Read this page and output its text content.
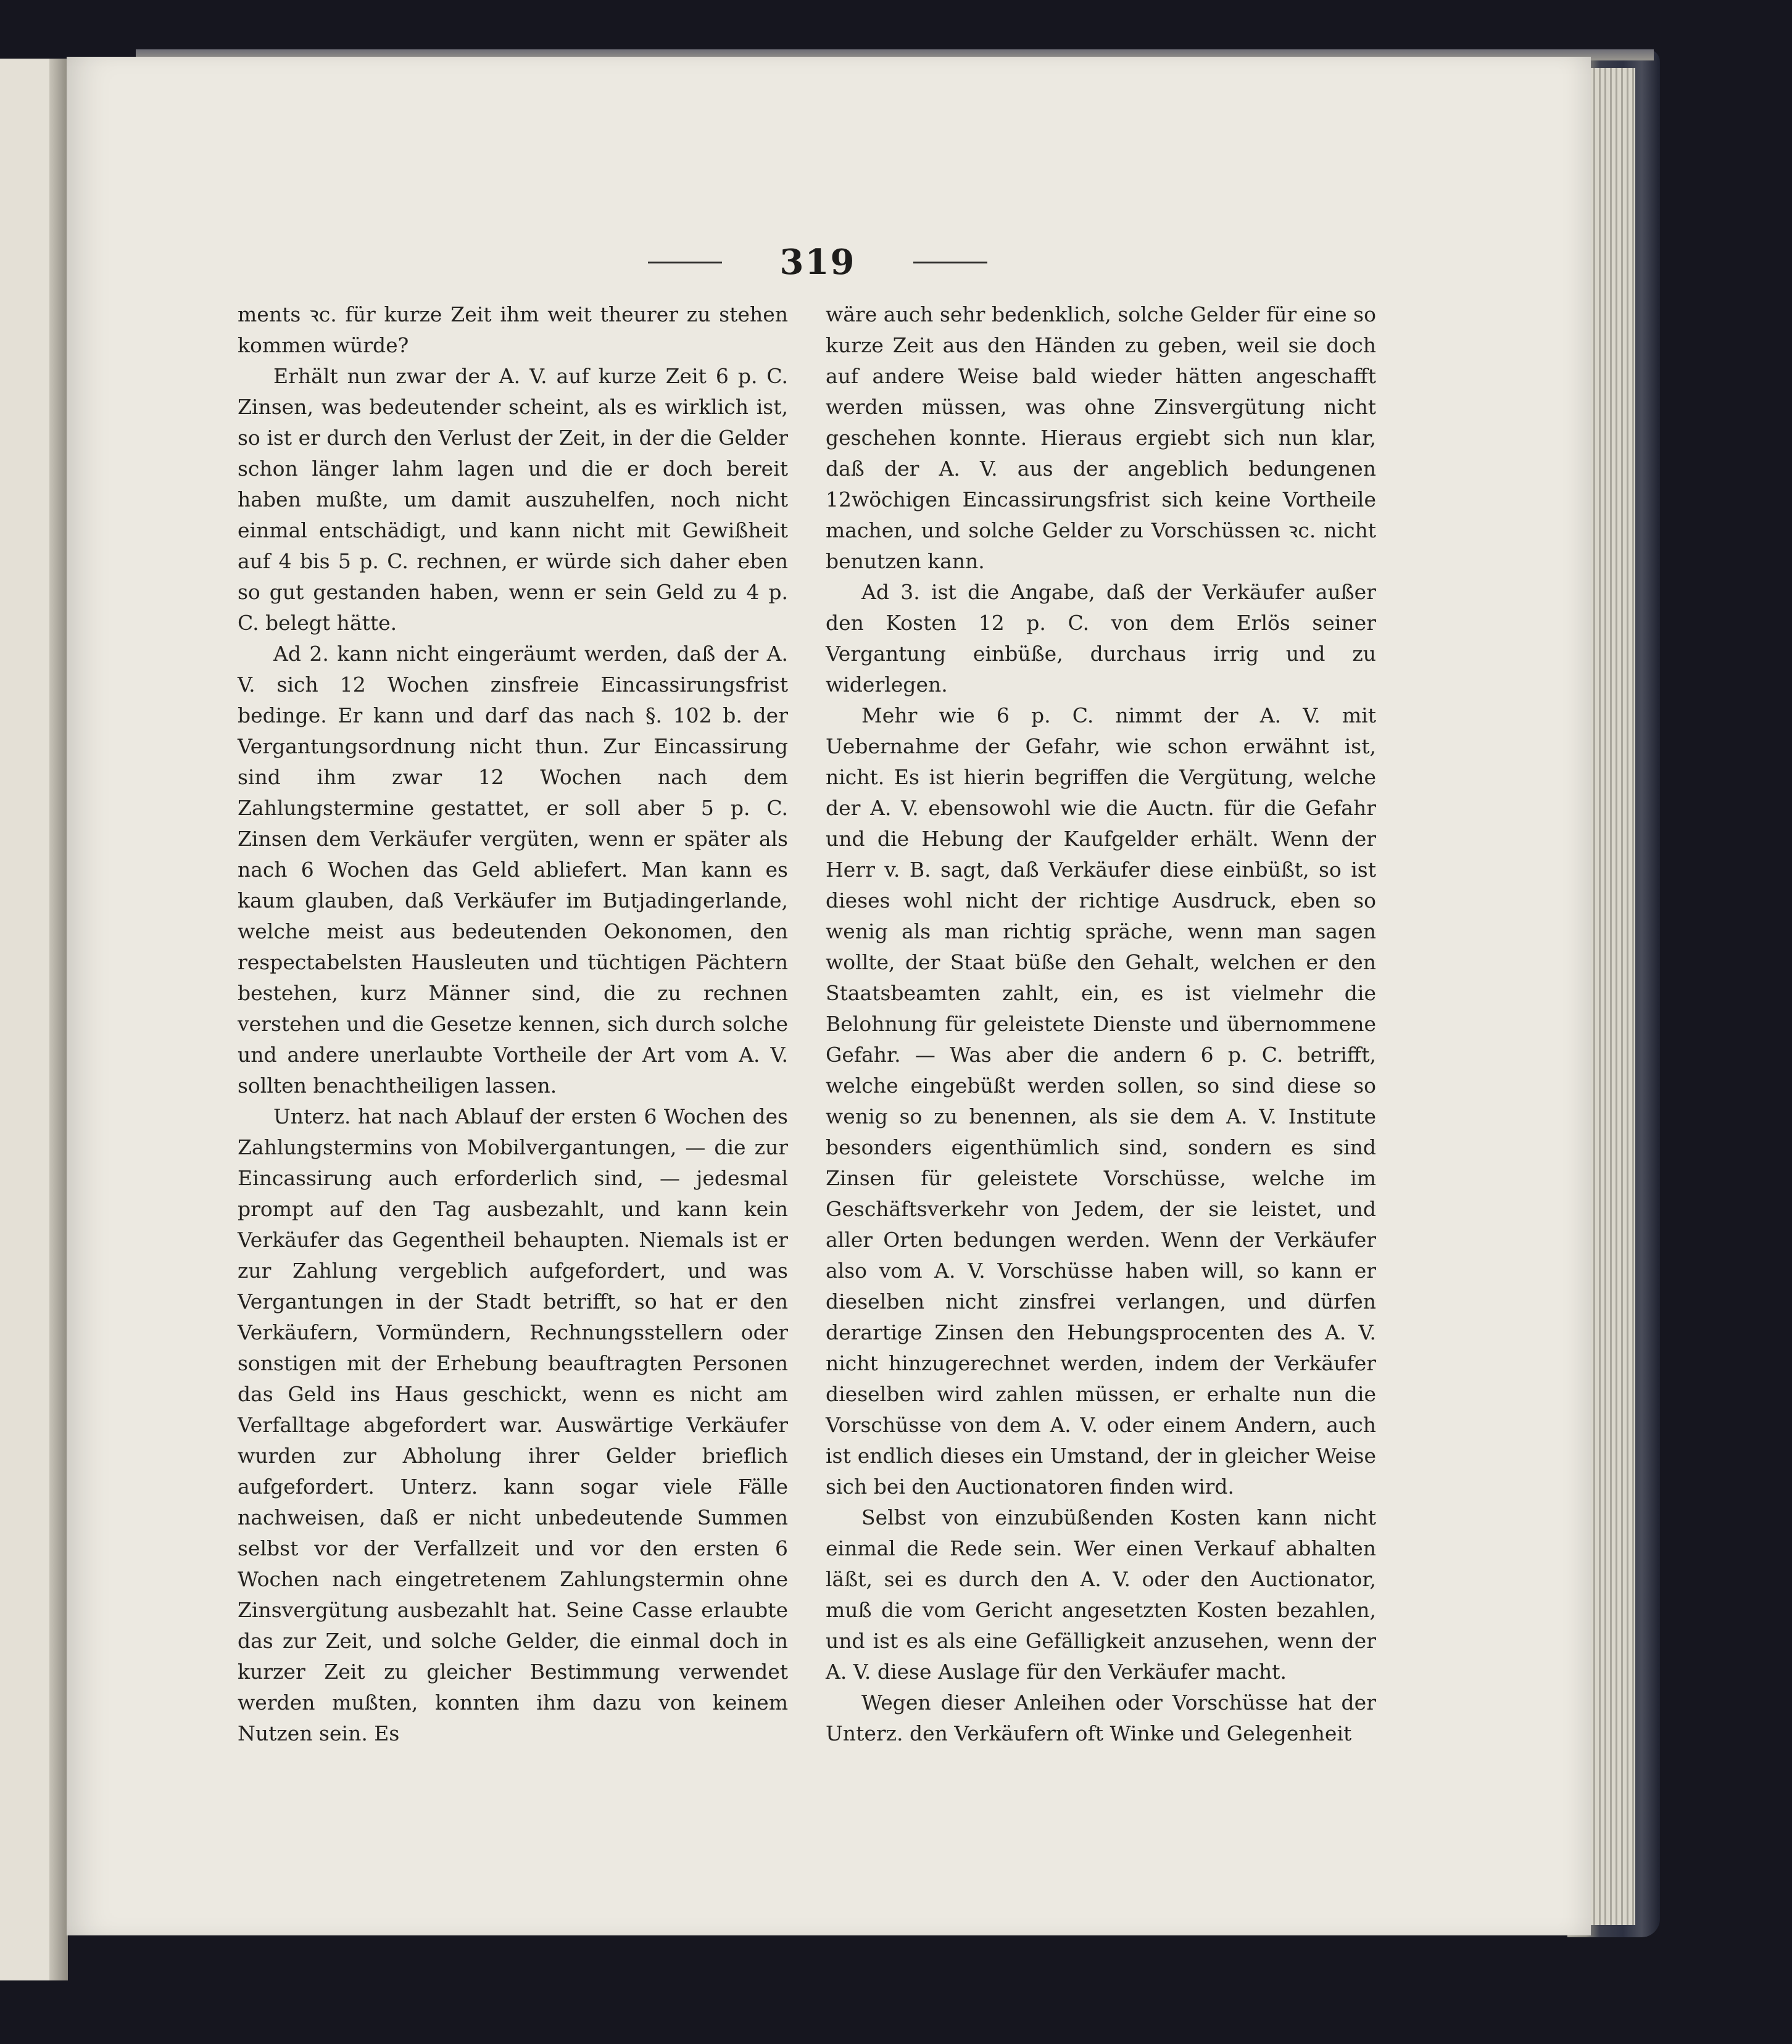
319

ments ꝛc. für kurze Zeit ihm weit theurer zu stehen kommen würde?

Erhält nun zwar der A. V. auf kurze Zeit 6 p. C. Zinsen, was bedeutender scheint, als es wirklich ist, so ist er durch den Verlust der Zeit, in der die Gelder schon länger lahm lagen und die er doch bereit haben mußte, um damit auszuhelfen, noch nicht einmal entschädigt, und kann nicht mit Gewißheit auf 4 bis 5 p. C. rechnen, er würde sich daher eben so gut gestanden haben, wenn er sein Geld zu 4 p. C. belegt hätte.

Ad 2. kann nicht eingeräumt werden, daß der A. V. sich 12 Wochen zinsfreie Eincassirungsfrist bedinge. Er kann und darf das nach §. 102 b. der Vergantungsordnung nicht thun. Zur Eincassirung sind ihm zwar 12 Wochen nach dem Zahlungstermine gestattet, er soll aber 5 p. C. Zinsen dem Verkäufer vergüten, wenn er später als nach 6 Wochen das Geld abliefert. Man kann es kaum glauben, daß Verkäufer im Butjadingerlande, welche meist aus bedeutenden Oekonomen, den respectabelsten Hausleuten und tüchtigen Pächtern bestehen, kurz Männer sind, die zu rechnen verstehen und die Gesetze kennen, sich durch solche und andere unerlaubte Vortheile der Art vom A. V. sollten benachtheiligen lassen.

Unterz. hat nach Ablauf der ersten 6 Wochen des Zahlungstermins von Mobilvergantungen, — die zur Eincassirung auch erforderlich sind, — jedesmal prompt auf den Tag ausbezahlt, und kann kein Verkäufer das Gegentheil behaupten. Niemals ist er zur Zahlung vergeblich aufgefordert, und was Vergantungen in der Stadt betrifft, so hat er den Verkäufern, Vormündern, Rechnungsstellern oder sonstigen mit der Erhebung beauftragten Personen das Geld ins Haus geschickt, wenn es nicht am Verfalltage abgefordert war. Auswärtige Verkäufer wurden zur Abholung ihrer Gelder brieflich aufgefordert. Unterz. kann sogar viele Fälle nachweisen, daß er nicht unbedeutende Summen selbst vor der Verfallzeit und vor den ersten 6 Wochen nach eingetretenem Zahlungstermin ohne Zinsvergütung ausbezahlt hat. Seine Casse erlaubte das zur Zeit, und solche Gelder, die einmal doch in kurzer Zeit zu gleicher Bestimmung verwendet werden mußten, konnten ihm dazu von keinem Nutzen sein. Es

wäre auch sehr bedenklich, solche Gelder für eine so kurze Zeit aus den Händen zu geben, weil sie doch auf andere Weise bald wieder hätten angeschafft werden müssen, was ohne Zinsvergütung nicht geschehen konnte. Hieraus ergiebt sich nun klar, daß der A. V. aus der angeblich bedungenen 12wöchigen Eincassirungsfrist sich keine Vortheile machen, und solche Gelder zu Vorschüssen ꝛc. nicht benutzen kann.

Ad 3. ist die Angabe, daß der Verkäufer außer den Kosten 12 p. C. von dem Erlös seiner Vergantung einbüße, durchaus irrig und zu widerlegen.

Mehr wie 6 p. C. nimmt der A. V. mit Uebernahme der Gefahr, wie schon erwähnt ist, nicht. Es ist hierin begriffen die Vergütung, welche der A. V. ebensowohl wie die Auctn. für die Gefahr und die Hebung der Kaufgelder erhält. Wenn der Herr v. B. sagt, daß Verkäufer diese einbüßt, so ist dieses wohl nicht der richtige Ausdruck, eben so wenig als man richtig spräche, wenn man sagen wollte, der Staat büße den Gehalt, welchen er den Staatsbeamten zahlt, ein, es ist vielmehr die Belohnung für geleistete Dienste und übernommene Gefahr. — Was aber die andern 6 p. C. betrifft, welche eingebüßt werden sollen, so sind diese so wenig so zu benennen, als sie dem A. V. Institute besonders eigenthümlich sind, sondern es sind Zinsen für geleistete Vorschüsse, welche im Geschäftsverkehr von Jedem, der sie leistet, und aller Orten bedungen werden. Wenn der Verkäufer also vom A. V. Vorschüsse haben will, so kann er dieselben nicht zinsfrei verlangen, und dürfen derartige Zinsen den Hebungsprocenten des A. V. nicht hinzugerechnet werden, indem der Verkäufer dieselben wird zahlen müssen, er erhalte nun die Vorschüsse von dem A. V. oder einem Andern, auch ist endlich dieses ein Umstand, der in gleicher Weise sich bei den Auctionatoren finden wird.

Selbst von einzubüßenden Kosten kann nicht einmal die Rede sein. Wer einen Verkauf abhalten läßt, sei es durch den A. V. oder den Auctionator, muß die vom Gericht angesetzten Kosten bezahlen, und ist es als eine Gefälligkeit anzusehen, wenn der A. V. diese Auslage für den Verkäufer macht.

Wegen dieser Anleihen oder Vorschüsse hat der Unterz. den Verkäufern oft Winke und Gelegenheit
